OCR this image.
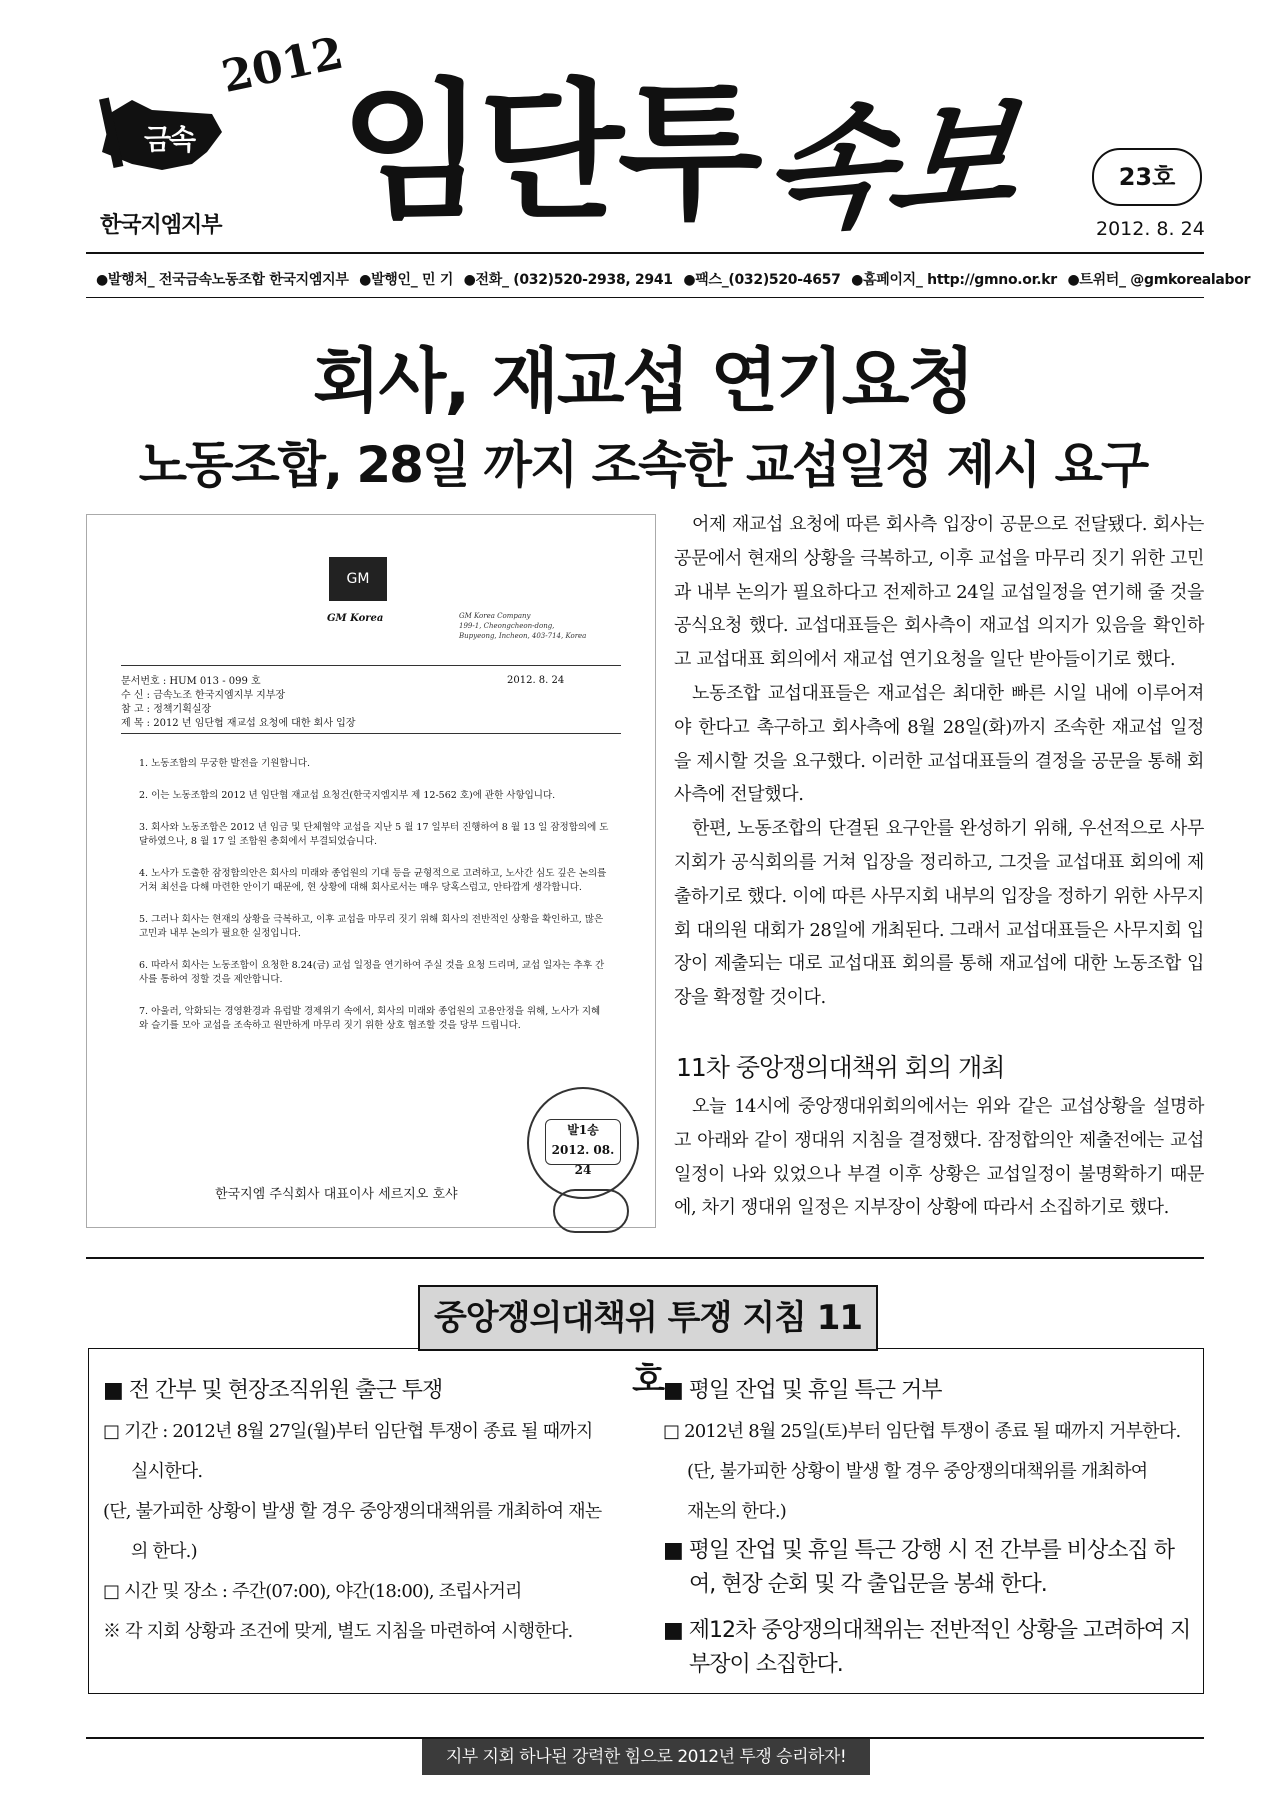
금속
한국지엠지부
2012
임단투
속보	23호
2012. 8. 24
●발행처_ 전국금속노동조합 한국지엠지부 ●발행인_ 민 기 ●전화_ (032)520-2938, 2941 ●팩스_(032)520-4657 ●홈페이지_ http://gmno.or.kr ●트위터_ @gmkorealabor
회사, 재교섭 연기요청
노동조합, 28일 까지 조속한 교섭일정 제시 요구
GM
GM Korea	GM Korea Company
199-1, Cheongcheon-dong,
Bupyeong, Incheon, 403-714, Korea
문서번호 : HUM 013 - 099 호
수 신 : 금속노조 한국지엠지부 지부장
참 고 : 정책기획실장
제 목 : 2012 년 임단협 재교섭 요청에 대한 회사 입장
2012. 8. 24

1. 노동조합의 무궁한 발전을 기원합니다.

2. 이는 노동조합의 2012 년 임단협 재교섭 요청건(한국지엠지부 제 12-562 호)에 관한 사항입니다.

3. 회사와 노동조합은 2012 년 임금 및 단체협약 교섭을 지난 5 월 17 일부터 진행하여 8 월 13 일 잠정합의에 도달하였으나, 8 월 17 일 조합원 총회에서 부결되었습니다.

4. 노사가 도출한 잠정합의안은 회사의 미래와 종업원의 기대 등을 균형적으로 고려하고, 노사간 심도 깊은 논의를 거쳐 최선을 다해 마련한 안이기 때문에, 현 상황에 대해 회사로서는 매우 당혹스럽고, 안타깝게 생각합니다.

5. 그러나 회사는 현재의 상황을 극복하고, 이후 교섭을 마무리 짓기 위해 회사의 전반적인 상황을 확인하고, 많은 고민과 내부 논의가 필요한 실정입니다.

6. 따라서 회사는 노동조합이 요청한 8.24(금) 교섭 일정을 연기하여 주실 것을 요청 드리며, 교섭 일자는 추후 간사를 통하여 정할 것을 제안합니다.

7. 아울러, 악화되는 경영환경과 유럽발 경제위기 속에서, 회사의 미래와 종업원의 고용안정을 위해, 노사가 지혜와 슬기를 모아 교섭을 조속하고 원만하게 마무리 짓기 위한 상호 협조할 것을 당부 드립니다.

발1송
2012. 08. 24
한국지엠 주식회사 대표이사 세르지오 호샤

어제 재교섭 요청에 따른 회사측 입장이 공문으로 전달됐다. 회사는 공문에서 현재의 상황을 극복하고, 이후 교섭을 마무리 짓기 위한 고민과 내부 논의가 필요하다고 전제하고 24일 교섭일정을 연기해 줄 것을 공식요청 했다. 교섭대표들은 회사측이 재교섭 의지가 있음을 확인하고 교섭대표 회의에서 재교섭 연기요청을 일단 받아들이기로 했다.

노동조합 교섭대표들은 재교섭은 최대한 빠른 시일 내에 이루어져야 한다고 촉구하고 회사측에 8월 28일(화)까지 조속한 재교섭 일정을 제시할 것을 요구했다. 이러한 교섭대표들의 결정을 공문을 통해 회사측에 전달했다.

한편, 노동조합의 단결된 요구안를 완성하기 위해, 우선적으로 사무지회가 공식회의를 거쳐 입장을 정리하고, 그것을 교섭대표 회의에 제출하기로 했다. 이에 따른 사무지회 내부의 입장을 정하기 위한 사무지회 대의원 대회가 28일에 개최된다. 그래서 교섭대표들은 사무지회 입장이 제출되는 대로 교섭대표 회의를 통해 재교섭에 대한 노동조합 입장을 확정할 것이다.

11차 중앙쟁의대책위 회의 개최

오늘 14시에 중앙쟁대위회의에서는 위와 같은 교섭상황을 설명하고 아래와 같이 쟁대위 지침을 결정했다. 잠정합의안 제출전에는 교섭일정이 나와 있었으나 부결 이후 상황은 교섭일정이 불명확하기 때문에, 차기 쟁대위 일정은 지부장이 상황에 따라서 소집하기로 했다.

■ 전 간부 및 현장조직위원 출근 투쟁
□ 기간 : 2012년 8월 27일(월)부터 임단협 투쟁이 종료 될 때까지
실시한다.
(단, 불가피한 상황이 발생 할 경우 중앙쟁의대책위를 개최하여 재논
의 한다.)
□ 시간 및 장소 : 주간(07:00), 야간(18:00), 조립사거리
※ 각 지회 상황과 조건에 맞게, 별도 지침을 마련하여 시행한다.
■ 평일 잔업 및 휴일 특근 거부
□ 2012년 8월 25일(토)부터 임단협 투쟁이 종료 될 때까지 거부한다.
(단, 불가피한 상황이 발생 할 경우 중앙쟁의대책위를 개최하여
재논의 한다.)
■ 평일 잔업 및 휴일 특근 강행 시 전 간부를 비상소집 하
여, 현장 순회 및 각 출입문을 봉쇄 한다.
■ 제12차 중앙쟁의대책위는 전반적인 상황을 고려하여 지
부장이 소집한다.
중앙쟁의대책위 투쟁 지침 11호
지부 지회 하나된 강력한 힘으로 2012년 투쟁 승리하자!
